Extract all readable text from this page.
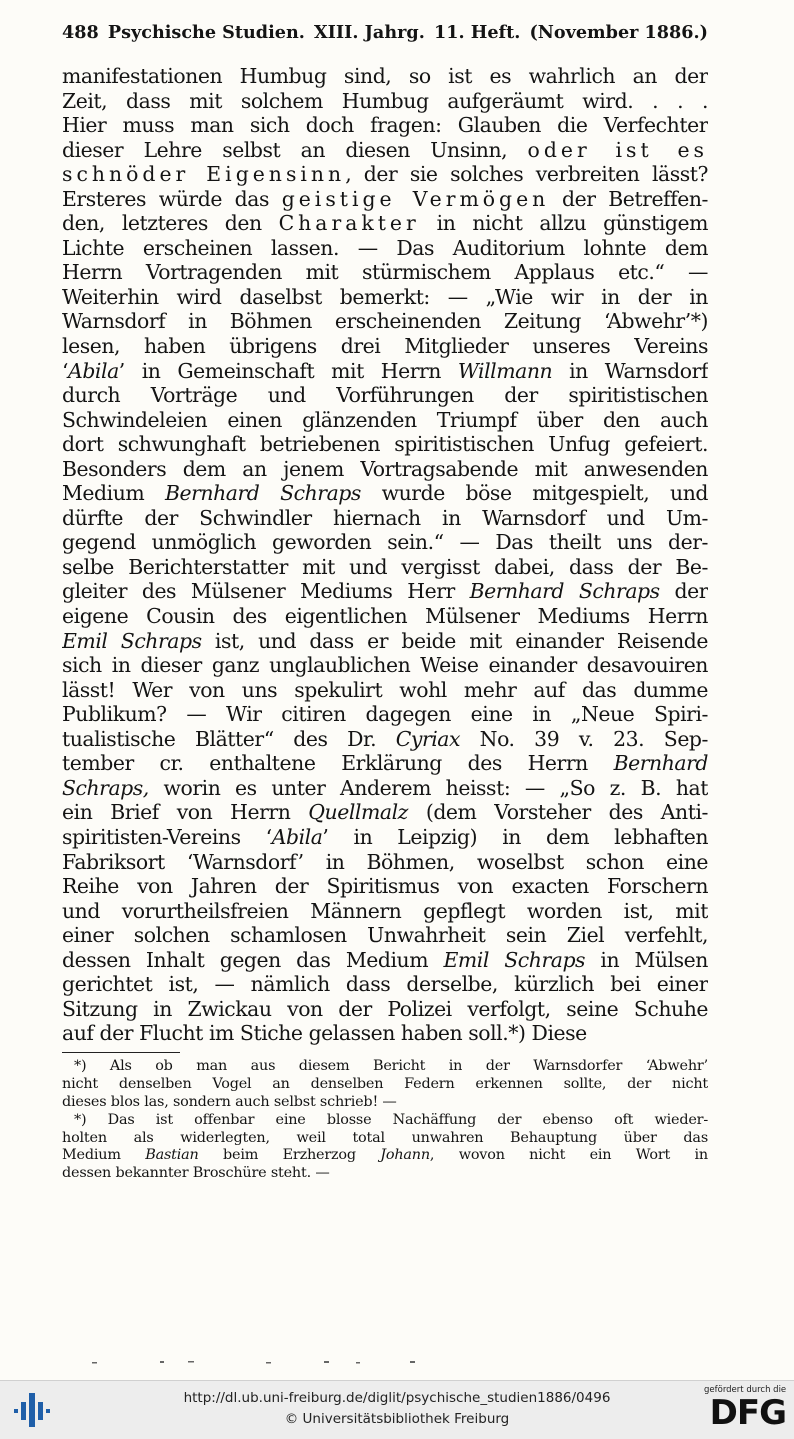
488 Psychische Studien. XIII. Jahrg. 11. Heft. (November 1886.)
manifestationen Humbug sind, so ist es wahrlich an der
Zeit, dass mit solchem Humbug aufgeräumt wird. . . .
Hier muss man sich doch fragen: Glauben die Verfechter
dieser Lehre selbst an diesen Unsinn, oder ist es
schnöder Eigensinn, der sie solches verbreiten lässt?
Ersteres würde das geistige Vermögen der Betreffen-
den, letzteres den Charakter in nicht allzu günstigem
Lichte erscheinen lassen. — Das Auditorium lohnte dem
Herrn Vortragenden mit stürmischem Applaus etc.“ —
Weiterhin wird daselbst bemerkt: — „Wie wir in der in
Warnsdorf in Böhmen erscheinenden Zeitung ‘Abwehr’*)
lesen, haben übrigens drei Mitglieder unseres Vereins
‘Abila’ in Gemeinschaft mit Herrn Willmann in Warnsdorf
durch Vorträge und Vorführungen der spiritistischen
Schwindeleien einen glänzenden Triumpf über den auch
dort schwunghaft betriebenen spiritistischen Unfug gefeiert.
Besonders dem an jenem Vortragsabende mit anwesenden
Medium Bernhard Schraps wurde böse mitgespielt, und
dürfte der Schwindler hiernach in Warnsdorf und Um-
gegend unmöglich geworden sein.“ — Das theilt uns der-
selbe Berichterstatter mit und vergisst dabei, dass der Be-
gleiter des Mülsener Mediums Herr Bernhard Schraps der
eigene Cousin des eigentlichen Mülsener Mediums Herrn
Emil Schraps ist, und dass er beide mit einander Reisende
sich in dieser ganz unglaublichen Weise einander desavouiren
lässt! Wer von uns spekulirt wohl mehr auf das dumme
Publikum? — Wir citiren dagegen eine in „Neue Spiri-
tualistische Blätter“ des Dr. Cyriax No. 39 v. 23. Sep-
tember cr. enthaltene Erklärung des Herrn Bernhard
Schraps, worin es unter Anderem heisst: — „So z. B. hat
ein Brief von Herrn Quellmalz (dem Vorsteher des Anti-
spiritisten-Vereins ‘Abila’ in Leipzig) in dem lebhaften
Fabriksort ‘Warnsdorf’ in Böhmen, woselbst schon eine
Reihe von Jahren der Spiritismus von exacten Forschern
und vorurtheilsfreien Männern gepflegt worden ist, mit
einer solchen schamlosen Unwahrheit sein Ziel verfehlt,
dessen Inhalt gegen das Medium Emil Schraps in Mülsen
gerichtet ist, — nämlich dass derselbe, kürzlich bei einer
Sitzung in Zwickau von der Polizei verfolgt, seine Schuhe
auf der Flucht im Stiche gelassen haben soll.*) Diese
*) Als ob man aus diesem Bericht in der Warnsdorfer ‘Abwehr’
nicht denselben Vogel an denselben Federn erkennen sollte, der nicht
dieses blos las, sondern auch selbst schrieb! —
*) Das ist offenbar eine blosse Nachäffung der ebenso oft wieder-
holten als widerlegten, weil total unwahren Behauptung über das
Medium Bastian beim Erzherzog Johann, wovon nicht ein Wort in
dessen bekannter Broschüre steht. —
http://dl.ub.uni-freiburg.de/diglit/psychische_studien1886/0496
© Universitätsbibliothek Freiburg
gefördert durch die
DFG
